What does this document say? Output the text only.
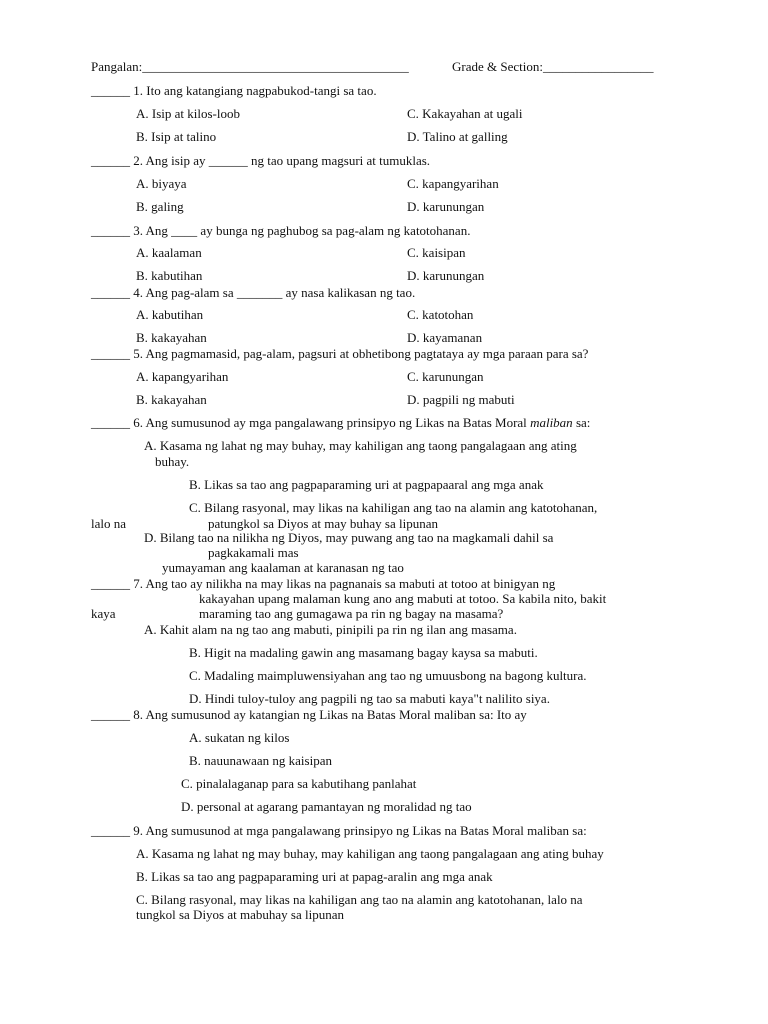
Pangalan:_________________________________________	Grade & Section:_________________
______ 1. Ito ang katangiang nagpabukod-tangi sa tao.
A. Isip at kilos-loob	C. Kakayahan at ugali
B. Isip at talino	D. Talino at galling
______ 2. Ang isip ay ______ ng tao upang magsuri at tumuklas.
A. biyaya	C. kapangyarihan
B. galing	D. karunungan
______ 3. Ang ____ ay bunga ng paghubog sa pag-alam ng katotohanan.
A. kaalaman	C. kaisipan
B. kabutihan	D. karunungan
______ 4. Ang pag-alam sa _______ ay nasa kalikasan ng tao.
A. kabutihan	C. katotohan
B. kakayahan	D. kayamanan
______ 5. Ang pagmamasid, pag-alam, pagsuri at obhetibong pagtataya ay mga paraan para sa?
A. kapangyarihan	C. karunungan
B. kakayahan	D. pagpili ng mabuti
______ 6. Ang sumusunod ay mga pangalawang prinsipyo ng Likas na Batas Moral maliban sa:
A. Kasama ng lahat ng may buhay, may kahiligan ang taong pangalagaan ang ating
buhay.
B. Likas sa tao ang pagpaparaming uri at pagpapaaral ang mga anak
C. Bilang rasyonal, may likas na kahiligan ang tao na alamin ang katotohanan,
lalo na	patungkol sa Diyos at may buhay sa lipunan
D. Bilang tao na nilikha ng Diyos, may puwang ang tao na magkamali dahil sa
pagkakamali mas
yumayaman ang kaalaman at karanasan ng tao
______ 7. Ang tao ay nilikha na may likas na pagnanais sa mabuti at totoo at binigyan ng
kakayahan upang malaman kung ano ang mabuti at totoo. Sa kabila nito, bakit
kaya	maraming tao ang gumagawa pa rin ng bagay na masama?
A. Kahit alam na ng tao ang mabuti, pinipili pa rin ng ilan ang masama.
B. Higit na madaling gawin ang masamang bagay kaysa sa mabuti.
C. Madaling maimpluwensiyahan ang tao ng umuusbong na bagong kultura.
D. Hindi tuloy-tuloy ang pagpili ng tao sa mabuti kaya"t nalilito siya.
______ 8. Ang sumusunod ay katangian ng Likas na Batas Moral maliban sa: Ito ay
A. sukatan ng kilos
B. nauunawaan ng kaisipan
C. pinalalaganap para sa kabutihang panlahat
D. personal at agarang pamantayan ng moralidad ng tao
______ 9. Ang sumusunod at mga pangalawang prinsipyo ng Likas na Batas Moral maliban sa:
A. Kasama ng lahat ng may buhay, may kahiligan ang taong pangalagaan ang ating buhay
B. Likas sa tao ang pagpaparaming uri at papag-aralin ang mga anak
C. Bilang rasyonal, may likas na kahiligan ang tao na alamin ang katotohanan, lalo na
tungkol sa Diyos at mabuhay sa lipunan
